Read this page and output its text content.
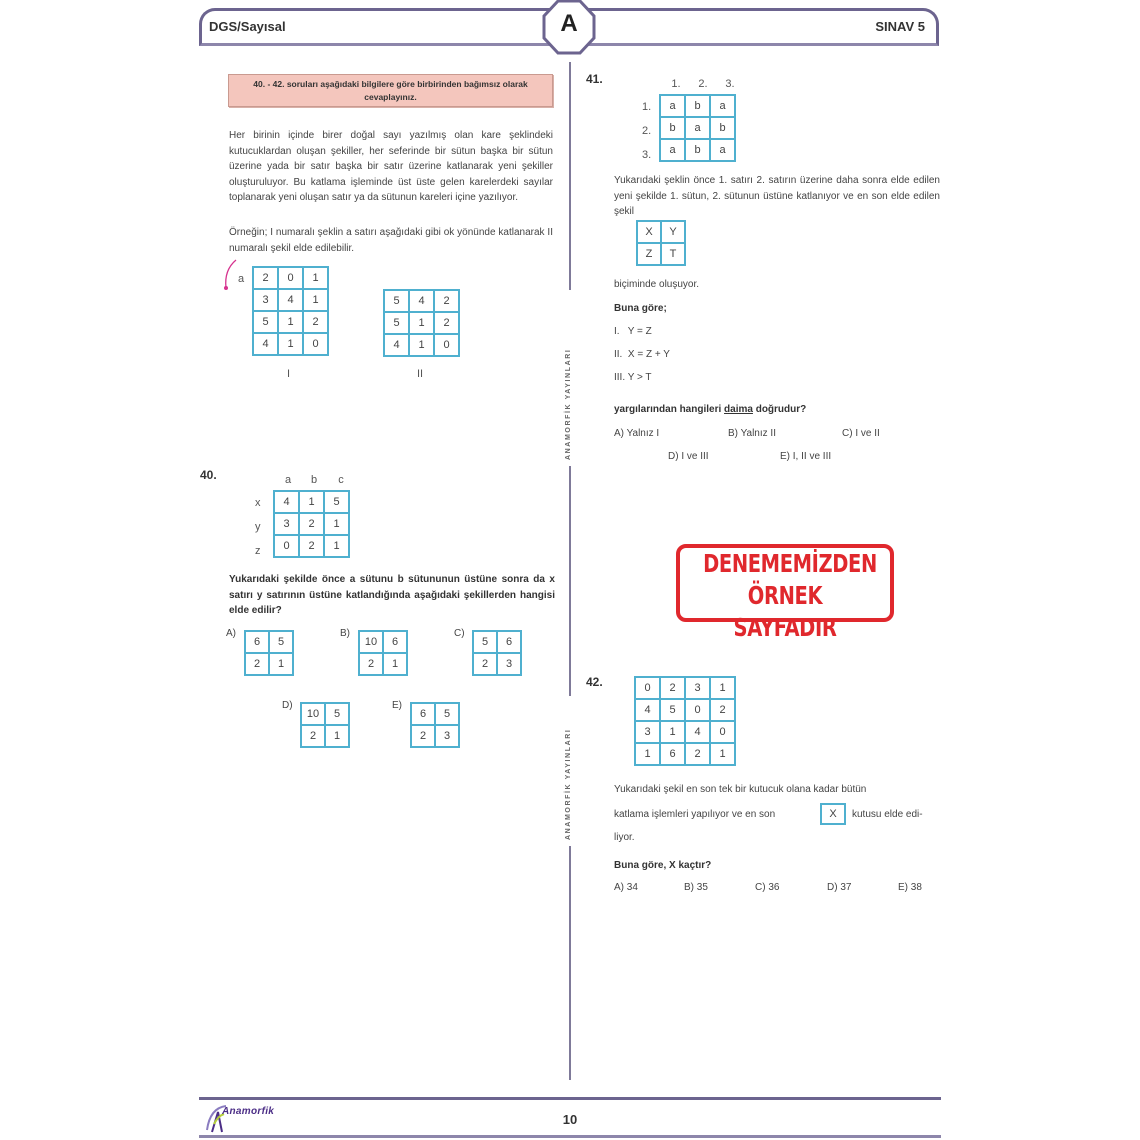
DGS/Sayısal	SINAV 5
A
ANAMORFİK YAYINLARI
ANAMORFİK YAYINLARI
40. - 42. soruları aşağıdaki bilgilere göre birbirinden bağımsız olarak cevaplayınız.
Her birinin içinde birer doğal sayı yazılmış olan kare şeklindeki kutucuklardan oluşan şekiller, her seferinde bir sütun başka bir sütun üzerine yada bir satır başka bir satır üzerine katlanarak yeni şekiller oluşturuluyor. Bu katlama işleminde üst üste gelen karelerdeki sayılar toplanarak yeni oluşan satır ya da sütunun kareleri içine yazılıyor.
Örneğin; I numaralı şeklin a satırı aşağıdaki gibi ok yönünde katlanarak II numaralı şekil elde edilebilir.
a 2	0	1
3	4	1
5	1	2
4	1	0
I
5	4	2
5	1	2
4	1	0
II
40.	a b c
x
y
z
4	1	5
3	2	1
0	2	1
Yukarıdaki şekilde önce a sütunu b sütununun üstüne sonra da x satırı y satırının üstüne katlandığında aşağıdaki şekillerden hangisi elde edilir?
A)
6	5
2	1
B)
10	6
2	1
C)
5	6
2	3
D)
10	5
2	1
E)
6	5
2	3
41.	1. 2. 3.
1.
2.
3.
a	b	a
b	a	b
a	b	a
Yukarıdaki şeklin önce 1. satırı 2. satırın üzerine daha sonra elde edilen yeni şekilde 1. sütun, 2. sütunun üstüne katlanıyor ve en son elde edilen şekil
X	Y
Z	T
biçiminde oluşuyor.
Buna göre;
I.   Y = Z
II.  X = Z + Y
III. Y > T
yargılarından hangileri daima doğrudur?
A) Yalnız I	B) Yalnız II	C) I ve II
D) I ve III	E) I, II ve III
DENEMEMİZDEN
ÖRNEK SAYFADIR
42.	0	2	3	1
4	5	0	2
3	1	4	0
1	6	2	1
Yukarıdaki şekil en son tek bir kutucuk olana kadar bütün
katlama işlemleri yapılıyor ve en son	X	kutusu elde edi-
liyor.
Buna göre, X kaçtır?
A) 34	B) 35	C) 36	D) 37	E) 38
Anamorfik
10
